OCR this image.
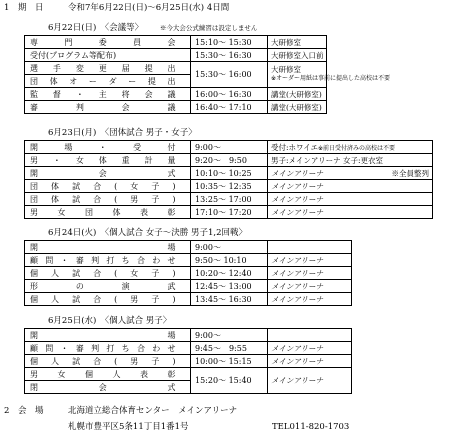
1 期　日	令和7年6月22日(日)〜6月25日(水) 4日間
6月22日(日)　〈会議等〉	※今大会公式練習は設定しません
専門委員会	15:10〜 15:30	大研修室
受付(プログラム等配布)	15:30〜 16:30	大研修室入口前
選手変更届提出	15:30〜 16:00	大研修室
※オーダー用紙は事前に提出した高校は不要
団体オーダー提出		
監督・主将会議	16:00〜 16:30	講堂(大研修室)
審判会議	16:40〜 17:10	講堂(大研修室)
6月23日(月)　〈団体試合 男子・女子〉
開場・受付	9:00〜	受付:ホワイエ※前日受付済みの高校は不要
男・女体重計量	9:20〜　9:50	男子:メインアリーナ 女子:更衣室
開会式	10:10〜 10:25	メインアリーナ ※全員整列

団体試合(女子)	10:35〜 12:35	メインアリーナ
団体試合(男子)	13:25〜 17:00	メインアリーナ
男女団体表彰	17:10〜 17:20	メインアリーナ
6月24日(火)　〈個人試合 女子〜決勝 男子1,2回戦〉
開場	9:00〜	
顧問・審判打ち合わせ	9:50〜 10:10	メインアリーナ
個人試合(女子)	10:20〜 12:40	メインアリーナ
形の演武	12:45〜 13:00	メインアリーナ
個人試合(男子)	13:45〜 16:30	メインアリーナ
6月25日(水)　〈個人試合 男子〉
開場	9:00〜	
顧問・審判打ち合わせ	9:45〜　9:55	メインアリーナ
個人試合(男子)	10:00〜 15:15	メインアリーナ
男女個人表彰	15:20〜 15:40	メインアリーナ
閉会式		
2 会　場	北海道立総合体育センター　メインアリーナ
札幌市豊平区5条11丁目1番1号	TEL011-820-1703
